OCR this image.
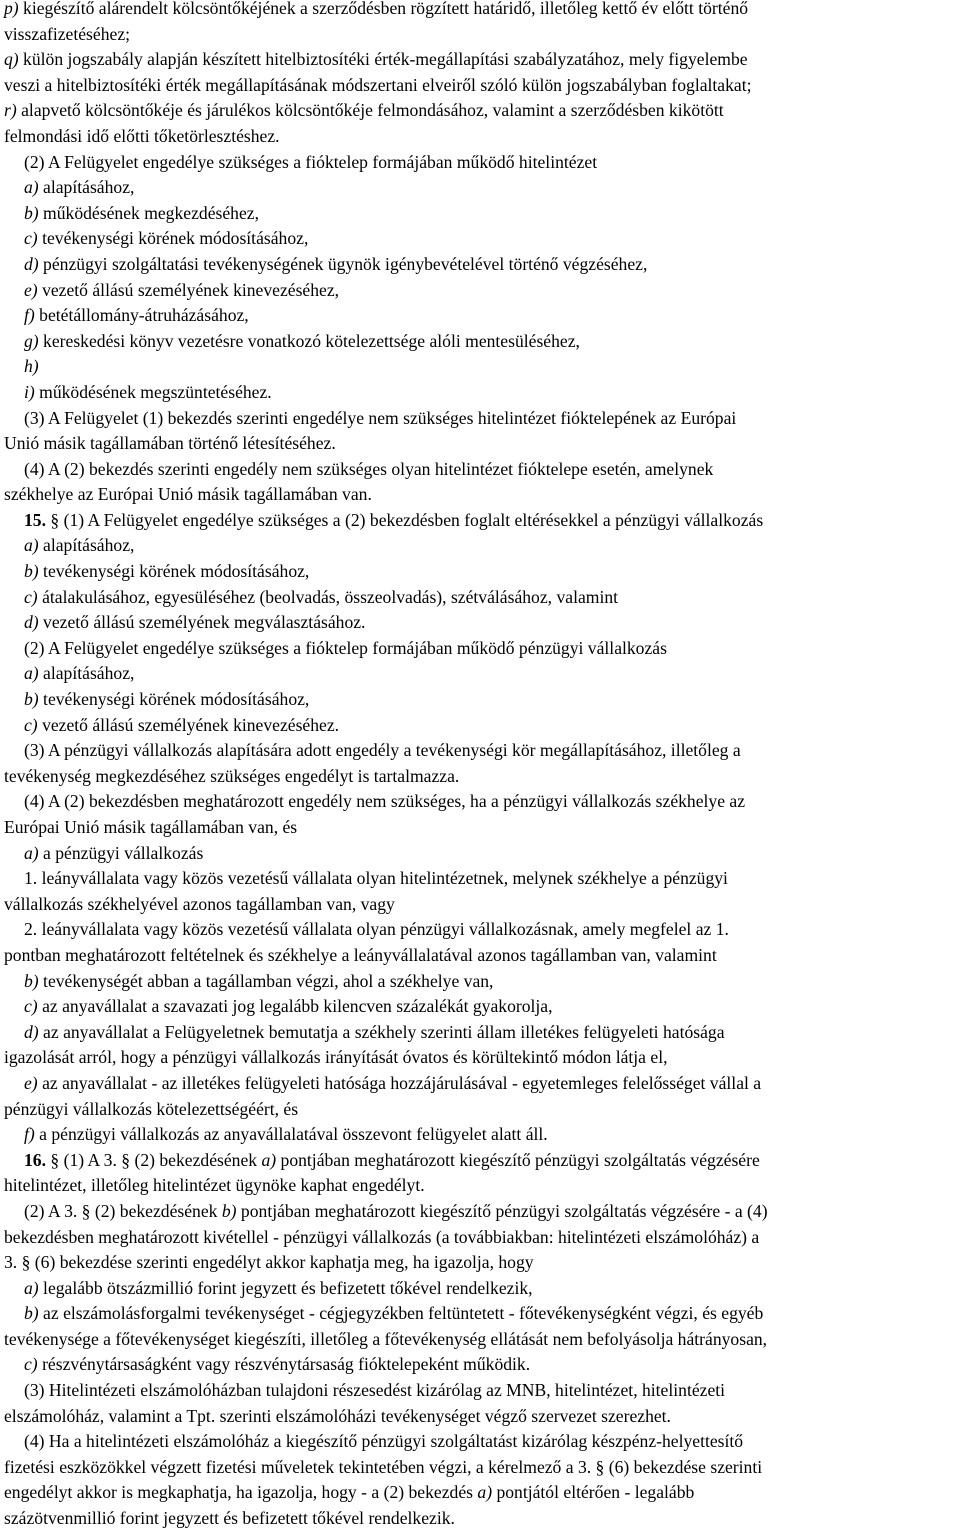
p) kiegészítő alárendelt kölcsöntőkéjének a szerződésben rögzített határidő, illetőleg kettő év előtt történő
visszafizetéséhez;
q) külön jogszabály alapján készített hitelbiztosítéki érték-megállapítási szabályzatához, mely figyelembe
veszi a hitelbiztosítéki érték megállapításának módszertani elveiről szóló külön jogszabályban foglaltakat;
r) alapvető kölcsöntőkéje és járulékos kölcsöntőkéje felmondásához, valamint a szerződésben kikötött
felmondási idő előtti tőketörlesztéshez.
(2) A Felügyelet engedélye szükséges a fióktelep formájában működő hitelintézet
a) alapításához,
b) működésének megkezdéséhez,
c) tevékenységi körének módosításához,
d) pénzügyi szolgáltatási tevékenységének ügynök igénybevételével történő végzéséhez,
e) vezető állású személyének kinevezéséhez,
f) betétállomány-átruházásához,
g) kereskedési könyv vezetésre vonatkozó kötelezettsége alóli mentesüléséhez,
h)
i) működésének megszüntetéséhez.
(3) A Felügyelet (1) bekezdés szerinti engedélye nem szükséges hitelintézet fióktelepének az Európai
Unió másik tagállamában történő létesítéséhez.
(4) A (2) bekezdés szerinti engedély nem szükséges olyan hitelintézet fióktelepe esetén, amelynek
székhelye az Európai Unió másik tagállamában van.
15. § (1) A Felügyelet engedélye szükséges a (2) bekezdésben foglalt eltérésekkel a pénzügyi vállalkozás
a) alapításához,
b) tevékenységi körének módosításához,
c) átalakulásához, egyesüléséhez (beolvadás, összeolvadás), szétválásához, valamint
d) vezető állású személyének megválasztásához.
(2) A Felügyelet engedélye szükséges a fióktelep formájában működő pénzügyi vállalkozás
a) alapításához,
b) tevékenységi körének módosításához,
c) vezető állású személyének kinevezéséhez.
(3) A pénzügyi vállalkozás alapítására adott engedély a tevékenységi kör megállapításához, illetőleg a
tevékenység megkezdéséhez szükséges engedélyt is tartalmazza.
(4) A (2) bekezdésben meghatározott engedély nem szükséges, ha a pénzügyi vállalkozás székhelye az
Európai Unió másik tagállamában van, és
a) a pénzügyi vállalkozás
1. leányvállalata vagy közös vezetésű vállalata olyan hitelintézetnek, melynek székhelye a pénzügyi
vállalkozás székhelyével azonos tagállamban van, vagy
2. leányvállalata vagy közös vezetésű vállalata olyan pénzügyi vállalkozásnak, amely megfelel az 1.
pontban meghatározott feltételnek és székhelye a leányvállalatával azonos tagállamban van, valamint
b) tevékenységét abban a tagállamban végzi, ahol a székhelye van,
c) az anyavállalat a szavazati jog legalább kilencven százalékát gyakorolja,
d) az anyavállalat a Felügyeletnek bemutatja a székhely szerinti állam illetékes felügyeleti hatósága
igazolását arról, hogy a pénzügyi vállalkozás irányítását óvatos és körültekintő módon látja el,
e) az anyavállalat - az illetékes felügyeleti hatósága hozzájárulásával - egyetemleges felelősséget vállal a
pénzügyi vállalkozás kötelezettségéért, és
f) a pénzügyi vállalkozás az anyavállalatával összevont felügyelet alatt áll.
16. § (1) A 3. § (2) bekezdésének a) pontjában meghatározott kiegészítő pénzügyi szolgáltatás végzésére
hitelintézet, illetőleg hitelintézet ügynöke kaphat engedélyt.
(2) A 3. § (2) bekezdésének b) pontjában meghatározott kiegészítő pénzügyi szolgáltatás végzésére - a (4)
bekezdésben meghatározott kivétellel - pénzügyi vállalkozás (a továbbiakban: hitelintézeti elszámolóház) a
3. § (6) bekezdése szerinti engedélyt akkor kaphatja meg, ha igazolja, hogy
a) legalább ötszázmillió forint jegyzett és befizetett tőkével rendelkezik,
b) az elszámolásforgalmi tevékenységet - cégjegyzékben feltüntetett - főtevékenységként végzi, és egyéb
tevékenysége a főtevékenységet kiegészíti, illetőleg a főtevékenység ellátását nem befolyásolja hátrányosan,
c) részvénytársaságként vagy részvénytársaság fióktelepeként működik.
(3) Hitelintézeti elszámolóházban tulajdoni részesedést kizárólag az MNB, hitelintézet, hitelintézeti
elszámolóház, valamint a Tpt. szerinti elszámolóházi tevékenységet végző szervezet szerezhet.
(4) Ha a hitelintézeti elszámolóház a kiegészítő pénzügyi szolgáltatást kizárólag készpénz-helyettesítő
fizetési eszközökkel végzett fizetési műveletek tekintetében végzi, a kérelmező a 3. § (6) bekezdése szerinti
engedélyt akkor is megkaphatja, ha igazolja, hogy - a (2) bekezdés a) pontjától eltérően - legalább
százötvenmillió forint jegyzett és befizetett tőkével rendelkezik.
